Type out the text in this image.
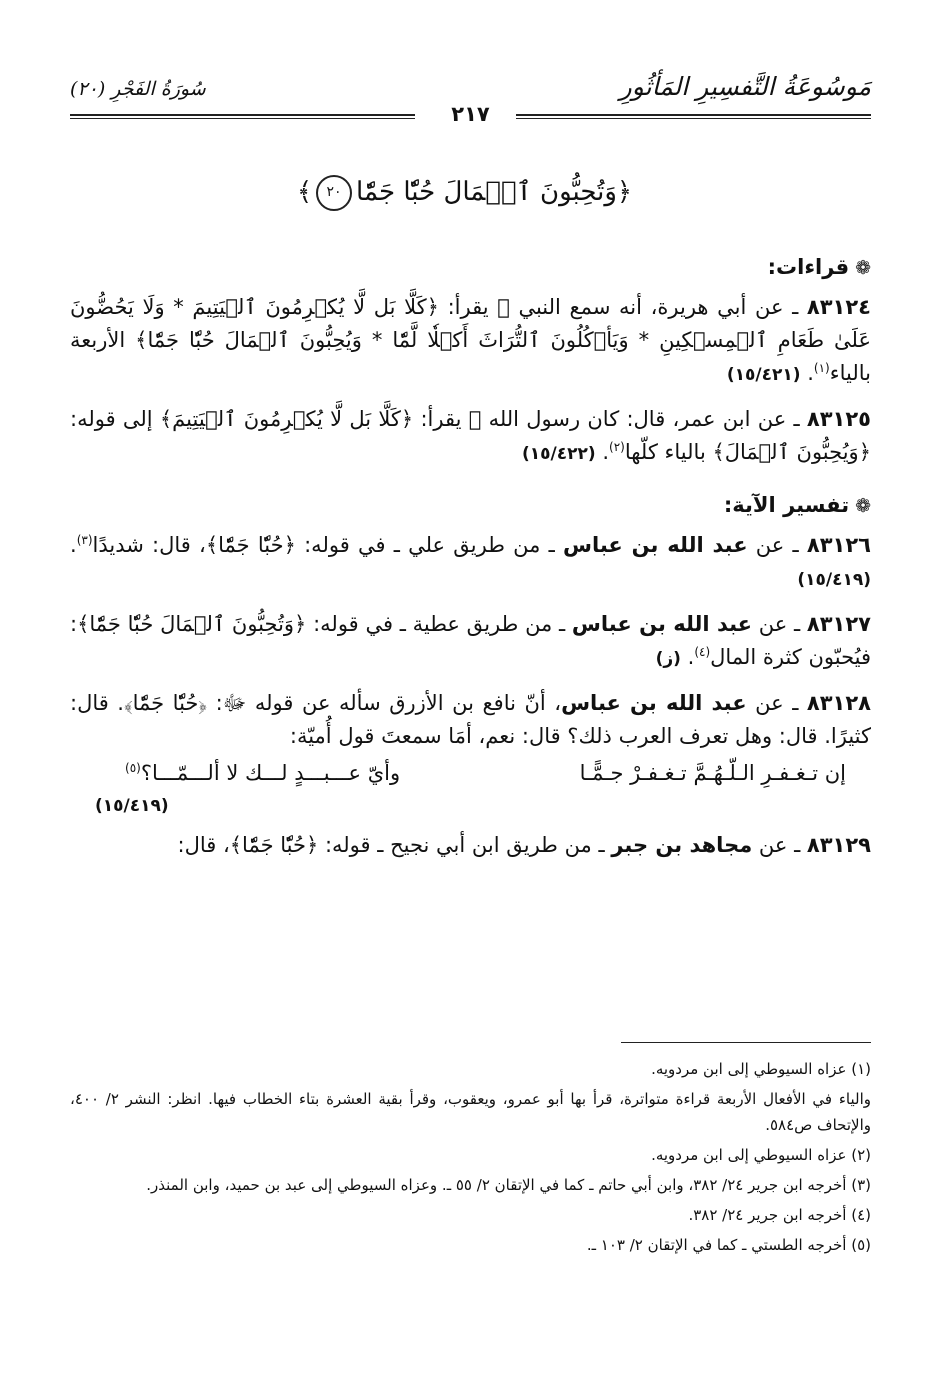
مَوسُوعَةُ التَّفسِيرِ المَأثُورِ
سُورَةُ الفَجْرِ (٢٠)
٢١٧
﴿وَتُحِبُّونَ ٱلۡمَالَ حُبّٗا جَمّٗا٢٠﴾
❁قراءات:

٨٣١٢٤ ـ عن أبي هريرة، أنه سمع النبي ﷺ يقرأ: ﴿كَلَّا بَل لَّا يُكۡرِمُونَ ٱلۡيَتِيمَ * وَلَا يَحُضُّونَ عَلَىٰ طَعَامِ ٱلۡمِسۡكِينِ * وَيَأۡكُلُونَ ٱلتُّرَاثَ أَكۡلٗا لَّمّٗا * وَيُحِبُّونَ ٱلۡمَالَ حُبّٗا جَمّٗا﴾ الأربعة بالياء$^{(١)}$. (١٥/٤٢١)

٨٣١٢٥ ـ عن ابن عمر، قال: كان رسول الله ﷺ يقرأ: ﴿كَلَّا بَل لَّا يُكۡرِمُونَ ٱلۡيَتِيمَ﴾ إلى قوله: ﴿وَيُحِبُّونَ ٱلۡمَالَ﴾ بالياء كلّها$^{(٢)}$. (١٥/٤٢٢)

❁تفسير الآية:

٨٣١٢٦ ـ عن عبد الله بن عباس ـ من طريق علي ـ في قوله: ﴿حُبّٗا جَمّٗا﴾، قال: شديدًا$^{(٣)}$. (١٥/٤١٩)

٨٣١٢٧ ـ عن عبد الله بن عباس ـ من طريق عطية ـ في قوله: ﴿وَتُحِبُّونَ ٱلۡمَالَ حُبّٗا جَمّٗا﴾: فيُحبّون كثرة المال$^{(٤)}$. (ز)

٨٣١٢٨ ـ عن عبد الله بن عباس، أنّ نافع بن الأزرق سأله عن قوله ﷻ: ﴿حُبّٗا جَمّٗا﴾. قال: كثيرًا. قال: وهل تعرف العرب ذلك؟ قال: نعم، أمَا سمعتَ قول أُميّة:

إن تـغـفـرِ الـلّـهُـمَّ تـغـفـرْ جـمًّـا
وأيّ عـــبـــدٍ لـــك لا ألـــمّـــا؟$^{(٥)}$
(١٥/٤١٩)

٨٣١٢٩ ـ عن مجاهد بن جبر ـ من طريق ابن أبي نجيح ـ قوله: ﴿حُبّٗا جَمّٗا﴾، قال:

(١) عزاه السيوطي إلى ابن مردويه.
والياء في الأفعال الأربعة قراءة متواترة، قرأ بها أبو عمرو، ويعقوب، وقرأ بقية العشرة بتاء الخطاب فيها. انظر: النشر ٢/ ٤٠٠، والإتحاف ص٥٨٤.
(٢) عزاه السيوطي إلى ابن مردويه.
(٣) أخرجه ابن جرير ٢٤/ ٣٨٢، وابن أبي حاتم ـ كما في الإتقان ٢/ ٥٥ ـ. وعزاه السيوطي إلى عبد بن حميد، وابن المنذر.
(٤) أخرجه ابن جرير ٢٤/ ٣٨٢.
(٥) أخرجه الطستي ـ كما في الإتقان ٢/ ١٠٣ ـ.
